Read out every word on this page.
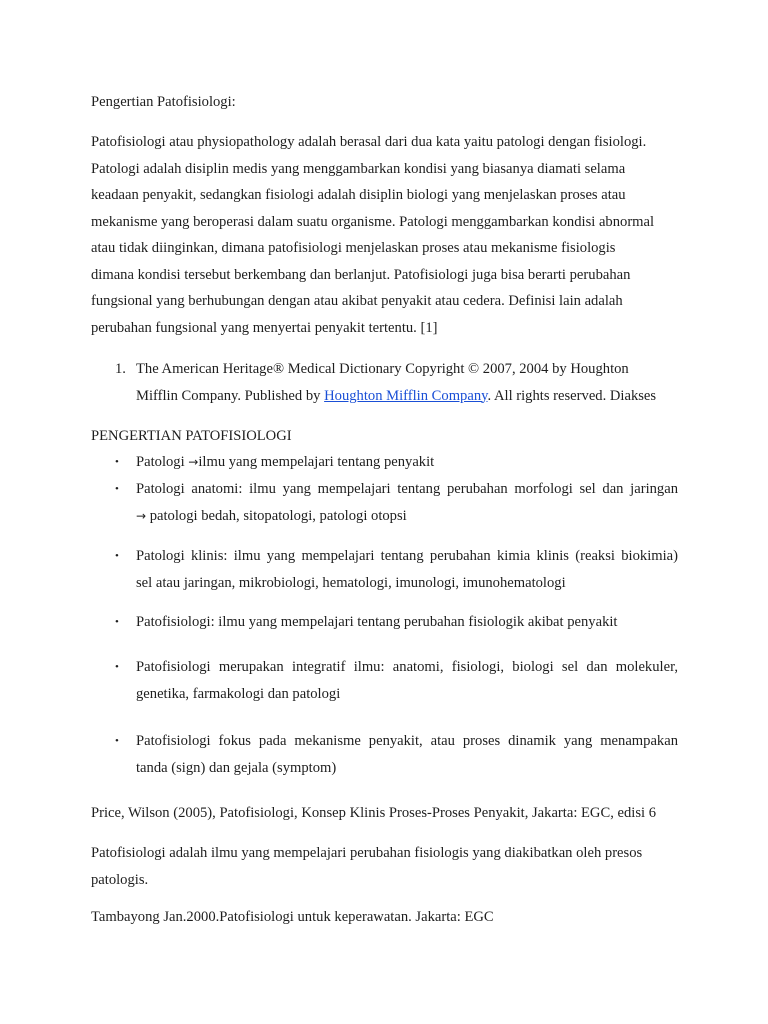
Pengertian Patofisiologi:

Patofisiologi atau physiopathology adalah berasal dari dua kata yaitu patologi dengan fisiologi.
Patologi adalah disiplin medis yang menggambarkan kondisi yang biasanya diamati selama
keadaan penyakit, sedangkan fisiologi adalah disiplin biologi yang menjelaskan proses atau
mekanisme yang beroperasi dalam suatu organisme. Patologi menggambarkan kondisi abnormal
atau tidak diinginkan, dimana patofisiologi menjelaskan proses atau mekanisme fisiologis
dimana kondisi tersebut berkembang dan berlanjut. Patofisiologi juga bisa berarti perubahan
fungsional yang berhubungan dengan atau akibat penyakit atau cedera. Definisi lain adalah
perubahan fungsional yang menyertai penyakit tertentu. [1]
1. The American Heritage® Medical Dictionary Copyright © 2007, 2004 by Houghton
Mifflin Company. Published by Houghton Mifflin Company. All rights reserved. Diakses

PENGERTIAN PATOFISIOLOGI

• Patologi →ilmu yang mempelajari tentang penyakit
• Patologi anatomi: ilmu yang mempelajari tentang perubahan morfologi sel dan jaringan
→ patologi bedah, sitopatologi, patologi otopsi
• Patologi klinis: ilmu yang mempelajari tentang perubahan kimia klinis (reaksi biokimia)
sel atau jaringan, mikrobiologi, hematologi, imunologi, imunohematologi
• Patofisiologi: ilmu yang mempelajari tentang perubahan fisiologik akibat penyakit
• Patofisiologi merupakan integratif ilmu: anatomi, fisiologi, biologi sel dan molekuler,
genetika, farmakologi dan patologi
• Patofisiologi fokus pada mekanisme penyakit, atau proses dinamik yang menampakan
tanda (sign) dan gejala (symptom)

Price, Wilson (2005), Patofisiologi, Konsep Klinis Proses-Proses Penyakit, Jakarta: EGC, edisi 6

Patofisiologi adalah ilmu yang mempelajari perubahan fisiologis yang diakibatkan oleh presos
patologis.

Tambayong Jan.2000.Patofisiologi untuk keperawatan. Jakarta: EGC
